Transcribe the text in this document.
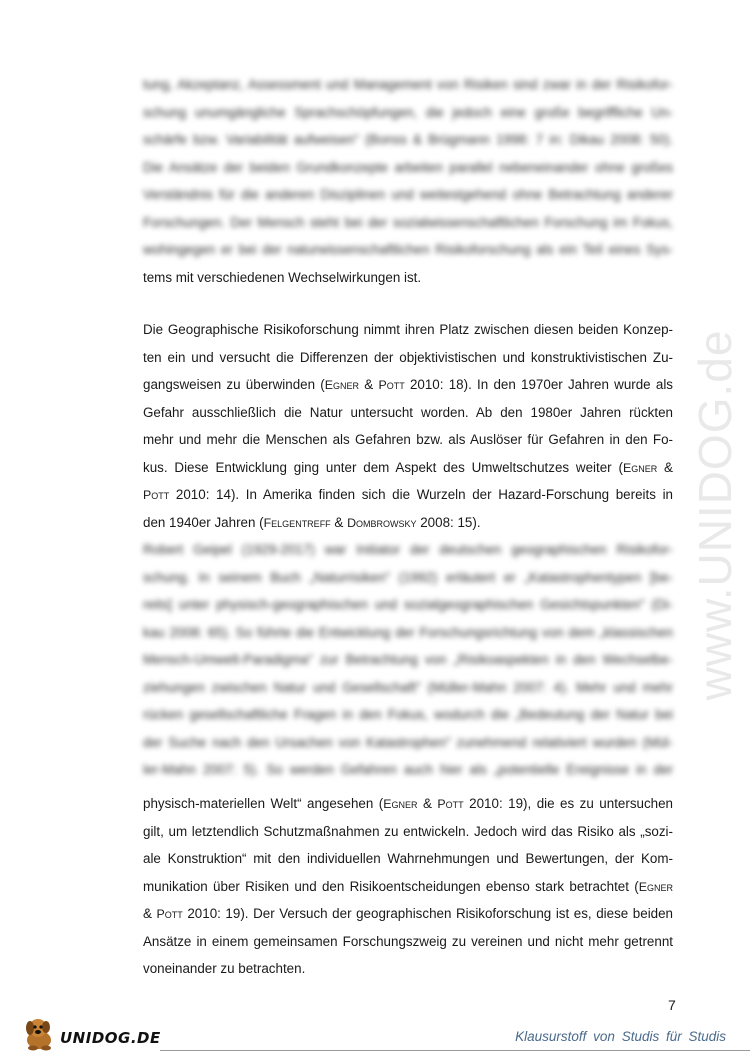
www.UNIDOG.de
tung, Akzeptanz, Assessment und Management von Risiken sind zwar in der Risikofor-
schung unumgängliche Sprachschöpfungen, die jedoch eine große begriffliche Un-
schärfe bzw. Variabilität aufweisen" (Bonss & Brügmann 1998: 7 in: Dikau 2008: 50).
Die Ansätze der beiden Grundkonzepte arbeiten parallel nebeneinander ohne großes
Verständnis für die anderen Disziplinen und weitestgehend ohne Betrachtung anderer
Forschungen. Der Mensch steht bei der sozialwissenschaftlichen Forschung im Fokus,
wohingegen er bei der naturwissenschaftlichen Risikoforschung als ein Teil eines Sys-
tems mit verschiedenen Wechselwirkungen ist.
Die Geographische Risikoforschung nimmt ihren Platz zwischen diesen beiden Konzep-
ten ein und versucht die Differenzen der objektivistischen und konstruktivistischen Zu-
gangsweisen zu überwinden (Egner & Pott 2010: 18). In den 1970er Jahren wurde als
Gefahr ausschließlich die Natur untersucht worden. Ab den 1980er Jahren rückten
mehr und mehr die Menschen als Gefahren bzw. als Auslöser für Gefahren in den Fo-
kus. Diese Entwicklung ging unter dem Aspekt des Umweltschutzes weiter (Egner &
Pott 2010: 14). In Amerika finden sich die Wurzeln der Hazard-Forschung bereits in
den 1940er Jahren (Felgentreff & Dombrowsky 2008: 15).
Robert Geipel (1929-2017) war Initiator der deutschen geographischen Risikofor-
schung. In seinem Buch „Naturrisiken" (1992) erläutert er „Katastrophentypen [be-
reits] unter physisch-geographischen und sozialgeographischen Gesichtspunkten" (Di-
kau 2008: 65). So führte die Entwicklung der Forschungsrichtung von dem „klassischen
Mensch-Umwelt-Paradigma" zur Betrachtung von „Risikoaspekten in den Wechselbe-
ziehungen zwischen Natur und Gesellschaft" (Müller-Mahn 2007: 4). Mehr und mehr
rücken gesellschaftliche Fragen in den Fokus, wodurch die „Bedeutung der Natur bei
der Suche nach den Ursachen von Katastrophen" zunehmend relativiert wurden (Mül-
ler-Mahn 2007: 5). So werden Gefahren auch hier als „potentielle Ereignisse in der
physisch-materiellen Welt“ angesehen (Egner & Pott 2010: 19), die es zu untersuchen
gilt, um letztendlich Schutzmaßnahmen zu entwickeln. Jedoch wird das Risiko als „sozi-
ale Konstruktion“ mit den individuellen Wahrnehmungen und Bewertungen, der Kom-
munikation über Risiken und den Risikoentscheidungen ebenso stark betrachtet (Egner
& Pott 2010: 19). Der Versuch der geographischen Risikoforschung ist es, diese beiden
Ansätze in einem gemeinsamen Forschungszweig zu vereinen und nicht mehr getrennt
voneinander zu betrachten.
7
UNIDOG.DE	Klausurstoff von Studis für Studis
